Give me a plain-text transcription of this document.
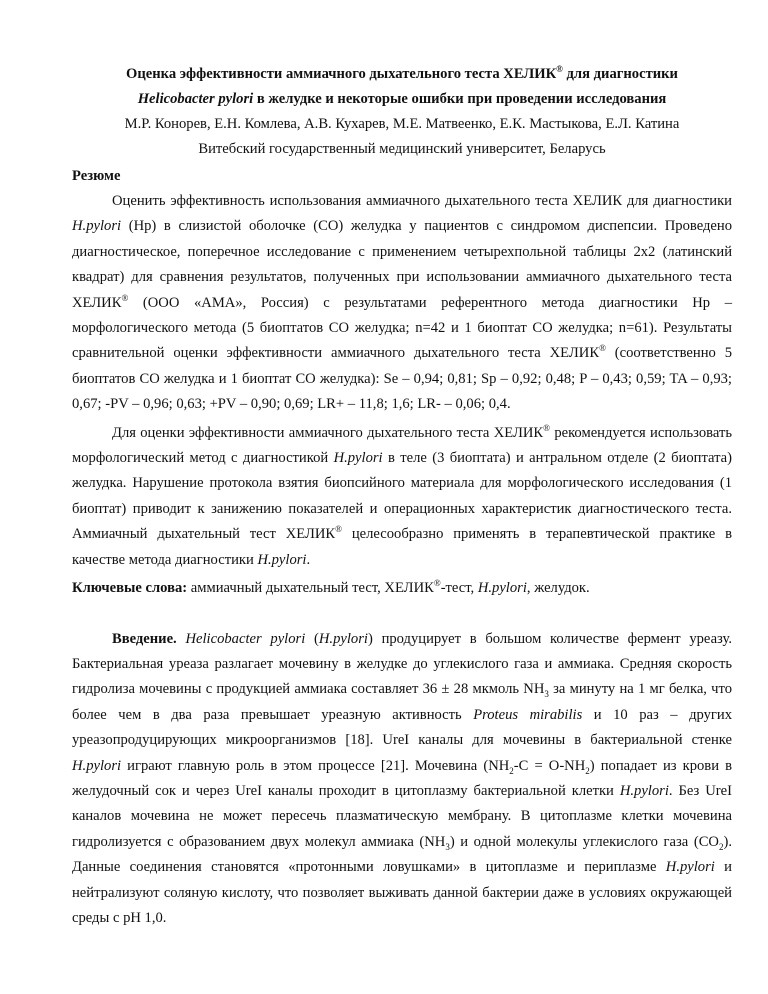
Оценка эффективности аммиачного дыхательного теста ХЕЛИК® для диагностики
Helicobacter pylori в желудке и некоторые ошибки при проведении исследования
М.Р. Конорев, Е.Н. Комлева, А.В. Кухарев, М.Е. Матвеенко, Е.К. Мастыкова, Е.Л. Катина
Витебский государственный медицинский университет, Беларусь
Резюме

Оценить эффективность использования аммиачного дыхательного теста ХЕЛИК для диагностики H.pylori (Hp) в слизистой оболочке (СО) желудка у пациентов с синдромом диспепсии. Проведено диагностическое, поперечное исследование с применением четырехпольной таблицы 2х2 (латинский квадрат) для сравнения результатов, полученных при использовании аммиачного дыхательного теста ХЕЛИК® (ООО «АМА», Россия) с результатами референтного метода диагностики Hp – морфологического метода (5 биоптатов СО желудка; n=42 и 1 биоптат СО желудка; n=61). Результаты сравнительной оценки эффективности аммиачного дыхательного теста ХЕЛИК® (соответственно 5 биоптатов СО желудка и 1 биоптат СО желудка): Se – 0,94; 0,81; Sp – 0,92; 0,48; P – 0,43; 0,59; TA – 0,93; 0,67; -PV – 0,96; 0,63; +PV – 0,90; 0,69; LR+ – 11,8; 1,6; LR- – 0,06; 0,4.

Для оценки эффективности аммиачного дыхательного теста ХЕЛИК® рекомендуется использовать морфологический метод с диагностикой H.pylori в теле (3 биоптата) и антральном отделе (2 биоптата) желудка. Нарушение протокола взятия биопсийного материала для морфологического исследования (1 биоптат) приводит к занижению показателей и операционных характеристик диагностического теста. Аммиачный дыхательный тест ХЕЛИК® целесообразно применять в терапевтической практике в качестве метода диагностики H.pylori.

Ключевые слова: аммиачный дыхательный тест, ХЕЛИК®-тест, H.pylori, желудок.

Введение. Helicobacter pylori (H.pylori) продуцирует в большом количестве фермент уреазу. Бактериальная уреаза разлагает мочевину в желудке до углекислого газа и аммиака. Средняя скорость гидролиза мочевины с продукцией аммиака составляет 36 ± 28 мкмоль $NH_3$ за минуту на 1 мг белка, что более чем в два раза превышает уреазную активность Proteus mirabilis и 10 раз – других уреазопродуцирующих микроорганизмов [18]. UreI каналы для мочевины в бактериальной стенке H.pylori играют главную роль в этом процессе [21]. Мочевина $(NH_2-C = O-NH_2)$ попадает из крови в желудочный сок и через UreI каналы проходит в цитоплазму бактериальной клетки H.pylori. Без UreI каналов мочевина не может пересечь плазматическую мембрану. В цитоплазме клетки мочевина гидролизуется с образованием двух молекул аммиака $(NH_3)$ и одной молекулы углекислого газа $(СО_2)$. Данные соединения становятся «протонными ловушками» в цитоплазме и периплазме H.pylori и нейтрализуют соляную кислоту, что позволяет выживать данной бактерии даже в условиях окружающей среды с pH 1,0.
